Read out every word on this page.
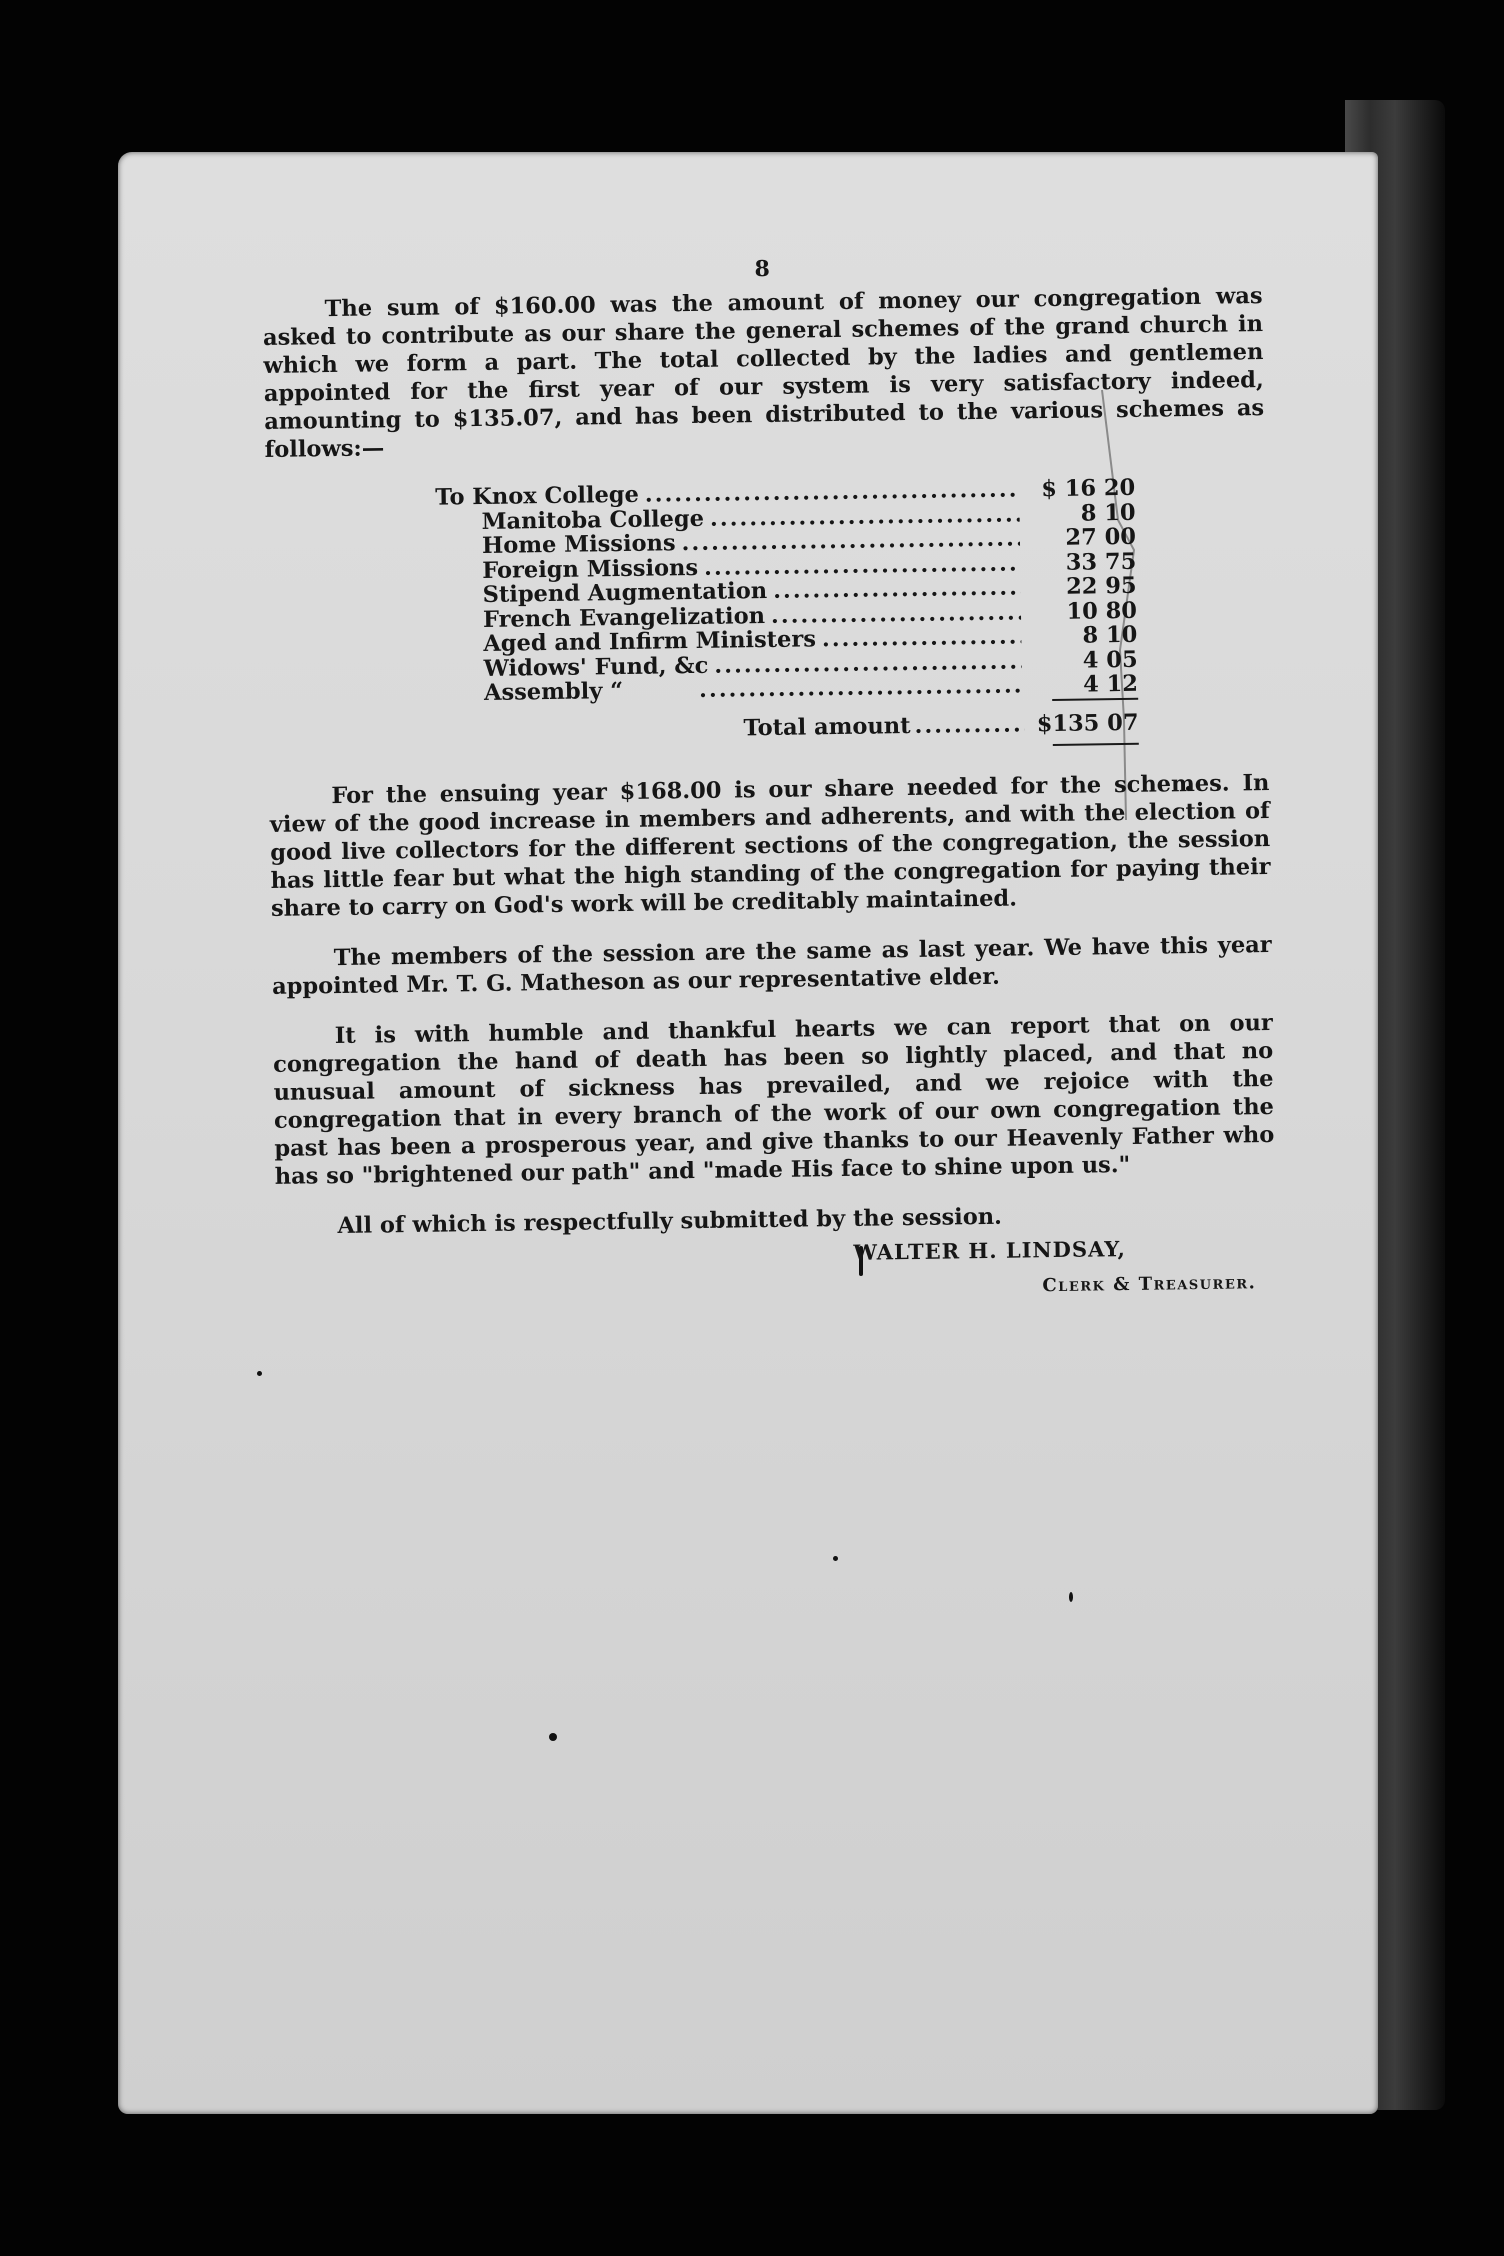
8

The sum of $160.00 was the amount of money our congregation was asked to contribute as our share the general schemes of the grand church in which we form a part. The total collected by the ladies and gentlemen appointed for the first year of our system is very satisfactory indeed, amounting to $135.07, and has been distributed to the various schemes as follows:—

To Knox College .....	$ 16 20
Manitoba College .....	8 10
Home Missions .....	27 00
Foreign Missions .....	33 75
Stipend Augmentation .....	22 95
French Evangelization .....	10 80
Aged and Infirm Ministers .....	8 10
Widows' Fund, &c .....	4 05
Assembly “ .....	4 12
Total amount .....	$135 07

For the ensuing year $168.00 is our share needed for the schemes. In view of the good increase in members and adherents, and with the election of good live collectors for the different sections of the congregation, the session has little fear but what the high standing of the congregation for paying their share to carry on God's work will be creditably maintained.

The members of the session are the same as last year. We have this year appointed Mr. T. G. Matheson as our representative elder.

It is with humble and thankful hearts we can report that on our congregation the hand of death has been so lightly placed, and that no unusual amount of sickness has prevailed, and we rejoice with the congregation that in every branch of the work of our own congregation the past has been a prosperous year, and give thanks to our Heavenly Father who has so "brightened our path" and "made His face to shine upon us."

All of which is respectfully submitted by the session.

WALTER H. LINDSAY,
Clerk & Treasurer.
